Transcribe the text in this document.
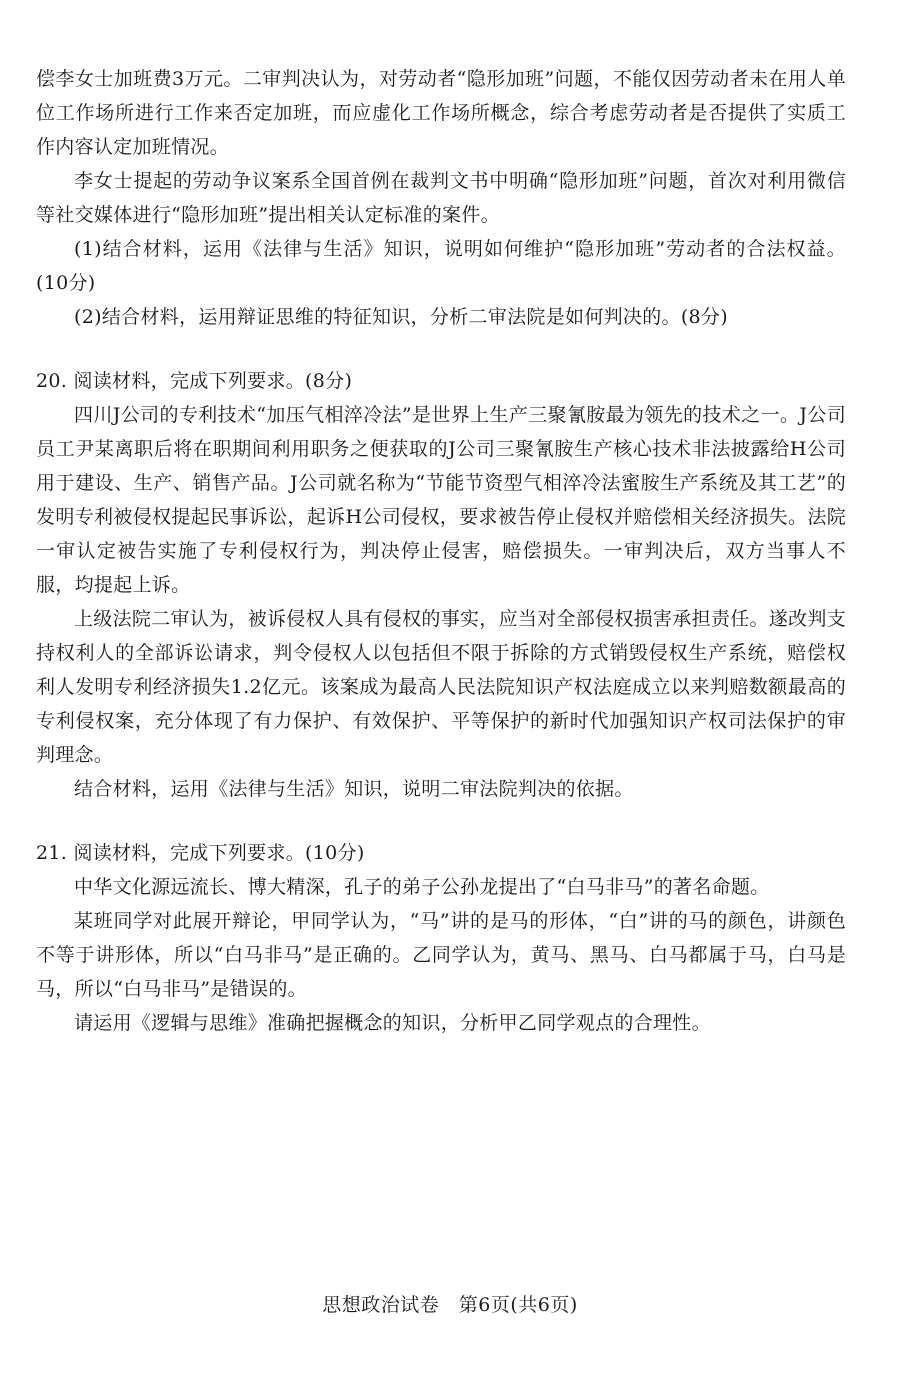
偿李女士加班费3万元。二审判决认为，对劳动者“隐形加班”问题，不能仅因劳动者未在用人单位工作场所进行工作来否定加班，而应虚化工作场所概念，综合考虑劳动者是否提供了实质工作内容认定加班情况。

李女士提起的劳动争议案系全国首例在裁判文书中明确“隐形加班”问题，首次对利用微信等社交媒体进行“隐形加班”提出相关认定标准的案件。

(1)结合材料，运用《法律与生活》知识，说明如何维护“隐形加班”劳动者的合法权益。(10分)

(2)结合材料，运用辩证思维的特征知识，分析二审法院是如何判决的。(8分)

20. 阅读材料，完成下列要求。(8分)

四川J公司的专利技术“加压气相淬冷法”是世界上生产三聚氰胺最为领先的技术之一。J公司员工尹某离职后将在职期间利用职务之便获取的J公司三聚氰胺生产核心技术非法披露给H公司用于建设、生产、销售产品。J公司就名称为“节能节资型气相淬冷法蜜胺生产系统及其工艺”的发明专利被侵权提起民事诉讼，起诉H公司侵权，要求被告停止侵权并赔偿相关经济损失。法院一审认定被告实施了专利侵权行为，判决停止侵害，赔偿损失。一审判决后，双方当事人不服，均提起上诉。

上级法院二审认为，被诉侵权人具有侵权的事实，应当对全部侵权损害承担责任。遂改判支持权利人的全部诉讼请求，判令侵权人以包括但不限于拆除的方式销毁侵权生产系统，赔偿权利人发明专利经济损失1.2亿元。该案成为最高人民法院知识产权法庭成立以来判赔数额最高的专利侵权案，充分体现了有力保护、有效保护、平等保护的新时代加强知识产权司法保护的审判理念。

结合材料，运用《法律与生活》知识，说明二审法院判决的依据。

21. 阅读材料，完成下列要求。(10分)

中华文化源远流长、博大精深，孔子的弟子公孙龙提出了“白马非马”的著名命题。

某班同学对此展开辩论，甲同学认为，“马”讲的是马的形体，“白”讲的马的颜色，讲颜色不等于讲形体，所以“白马非马”是正确的。乙同学认为，黄马、黑马、白马都属于马，白马是马，所以“白马非马”是错误的。

请运用《逻辑与思维》准确把握概念的知识，分析甲乙同学观点的合理性。

思想政治试卷　第6页(共6页)
